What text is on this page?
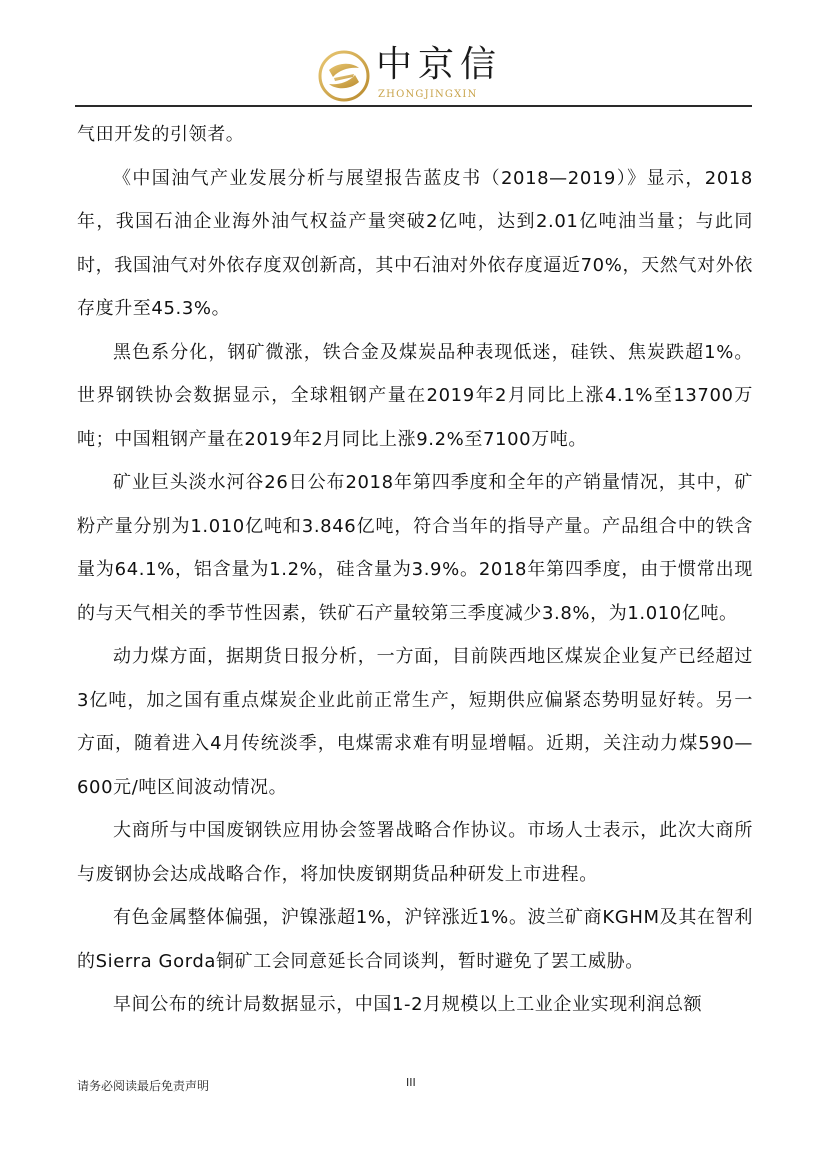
中京信
ZHONGJINGXIN

气田开发的引领者。

《中国油气产业发展分析与展望报告蓝皮书（2018—2019）》显示，2018年，我国石油企业海外油气权益产量突破2亿吨，达到2.01亿吨油当量；与此同时，我国油气对外依存度双创新高，其中石油对外依存度逼近70%，天然气对外依存度升至45.3%。

黑色系分化，钢矿微涨，铁合金及煤炭品种表现低迷，硅铁、焦炭跌超1%。世界钢铁协会数据显示，全球粗钢产量在2019年2月同比上涨4.1%至13700万吨；中国粗钢产量在2019年2月同比上涨9.2%至7100万吨。

矿业巨头淡水河谷26日公布2018年第四季度和全年的产销量情况，其中，矿粉产量分别为1.010亿吨和3.846亿吨，符合当年的指导产量。产品组合中的铁含量为64.1%，铝含量为1.2%，硅含量为3.9%。2018年第四季度，由于惯常出现的与天气相关的季节性因素，铁矿石产量较第三季度减少3.8%，为1.010亿吨。

动力煤方面，据期货日报分析，一方面，目前陕西地区煤炭企业复产已经超过3亿吨，加之国有重点煤炭企业此前正常生产，短期供应偏紧态势明显好转。另一方面，随着进入4月传统淡季，电煤需求难有明显增幅。近期，关注动力煤590—600元/吨区间波动情况。

大商所与中国废钢铁应用协会签署战略合作协议。市场人士表示，此次大商所与废钢协会达成战略合作，将加快废钢期货品种研发上市进程。

有色金属整体偏强，沪镍涨超1%，沪锌涨近1%。波兰矿商KGHM及其在智利的Sierra Gorda铜矿工会同意延长合同谈判，暂时避免了罢工威胁。

早间公布的统计局数据显示，中国1-2月规模以上工业企业实现利润总额

请务必阅读最后免责声明	III
